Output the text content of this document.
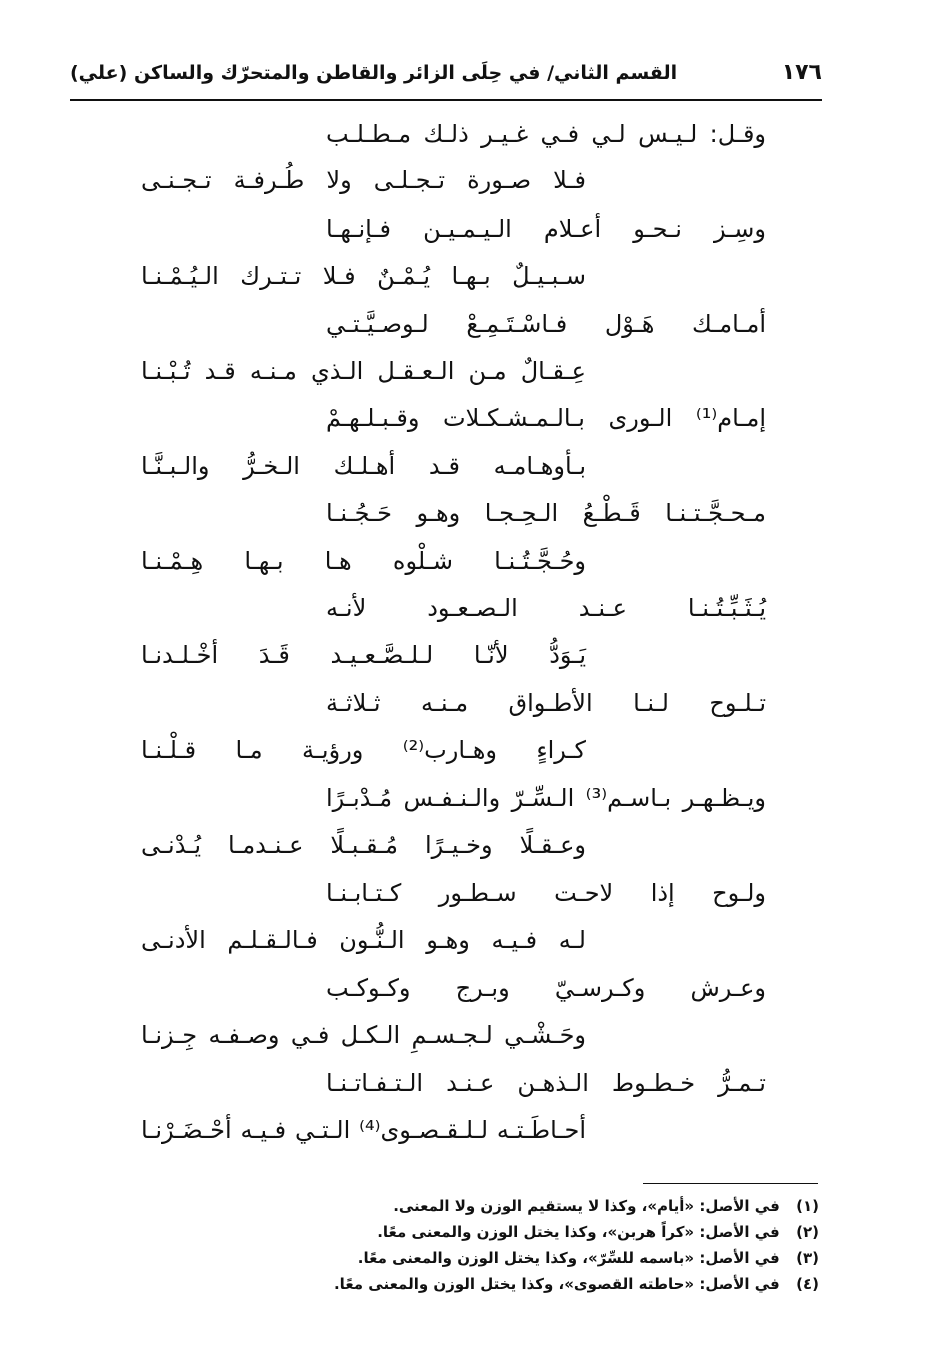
١٧٦
القسم الثاني/ في حِلَى الزائر والقاطن والمتحرّك والساكن (علي)
وقـل: لـيـس لـي فـي غـيـر ذلـك مـطـلـب
فـلا صـورة تـجـلـى ولا طُـرفـة تـجـنـى
وسِـز نـحـو أعـلام الـيـمـيـن فـإنـهـا
سـبـيـلٌ بـهـا يُـمْـنٌ فـلا تـتـرك الـيُـمْـنـا
أمـامـك هَـوْل فـاسْـتَـمِـعْ لـوصـيَّـتـي
عِـقـالٌ مـن الـعـقـل الـذي مـنـه قـد تُـبْـنـا
إمـام⁽¹⁾ الـورى بـالـمـشـكـلات وقـبـلـهـمْ
بـأوهـامـه قـد أهـلـك الـخـرُّ والـبـنَّـا
مـحـجَّـتـنـا قَـطْـعُ الـحِـجـا وهـو حَـجُـنـا
وحُـجَّـتُـنـا شـلْوه هـا بـهـا هِـمْـنـا
يُـثَـبِّـتُـنـا عـنـد الـصـعـود لأنـه
يَـوَدُّ لأنّـا لـلـصَّـعـيـد قَـدَ أخْـلـدنـا
تـلـوح لـنـا الأطـواق مـنـه ثـلاثـة
كـراءٍ وهـارب⁽²⁾ ورؤيـة مـا قـلْـنـا
ويـظـهـر بـاسـم⁽³⁾ الـسِّـرّ والـنـفـس مُـدْبـرًا
وعـقـلًا وخـيـرًا مُـقـبـلًا عـنـدمـا يُـدْنـى
ولـوح إذا لاحـت سـطـور كـتـابـنـا
لـه فـيـه وهـو الـنُّـون فـالـقـلـم الأدنـى
وعـرش وكـرسـيّ وبـرج وكـوكـب
وحَـشْـي لـجـسـمِ الـكـل فـي وصـفـه جِـزنـا
تـمـرُّ خـطـوط الـذهـن عـنـد الـتـفـاتـنـا
أحـاطَـتـه لـلـقـصـوى⁽⁴⁾ الـتـي فـيـه أحْـضَـرْنـا
(١) في الأصل: «أيام»، وكذا لا يستقيم الوزن ولا المعنى.
(٢) في الأصل: «كراً هربن»، وكذا يختل الوزن والمعنى معًا.
(٣) في الأصل: «باسمه للسِّرّ»، وكذا يختل الوزن والمعنى معًا.
(٤) في الأصل: «حاطته القصوى»، وكذا يختل الوزن والمعنى معًا.
